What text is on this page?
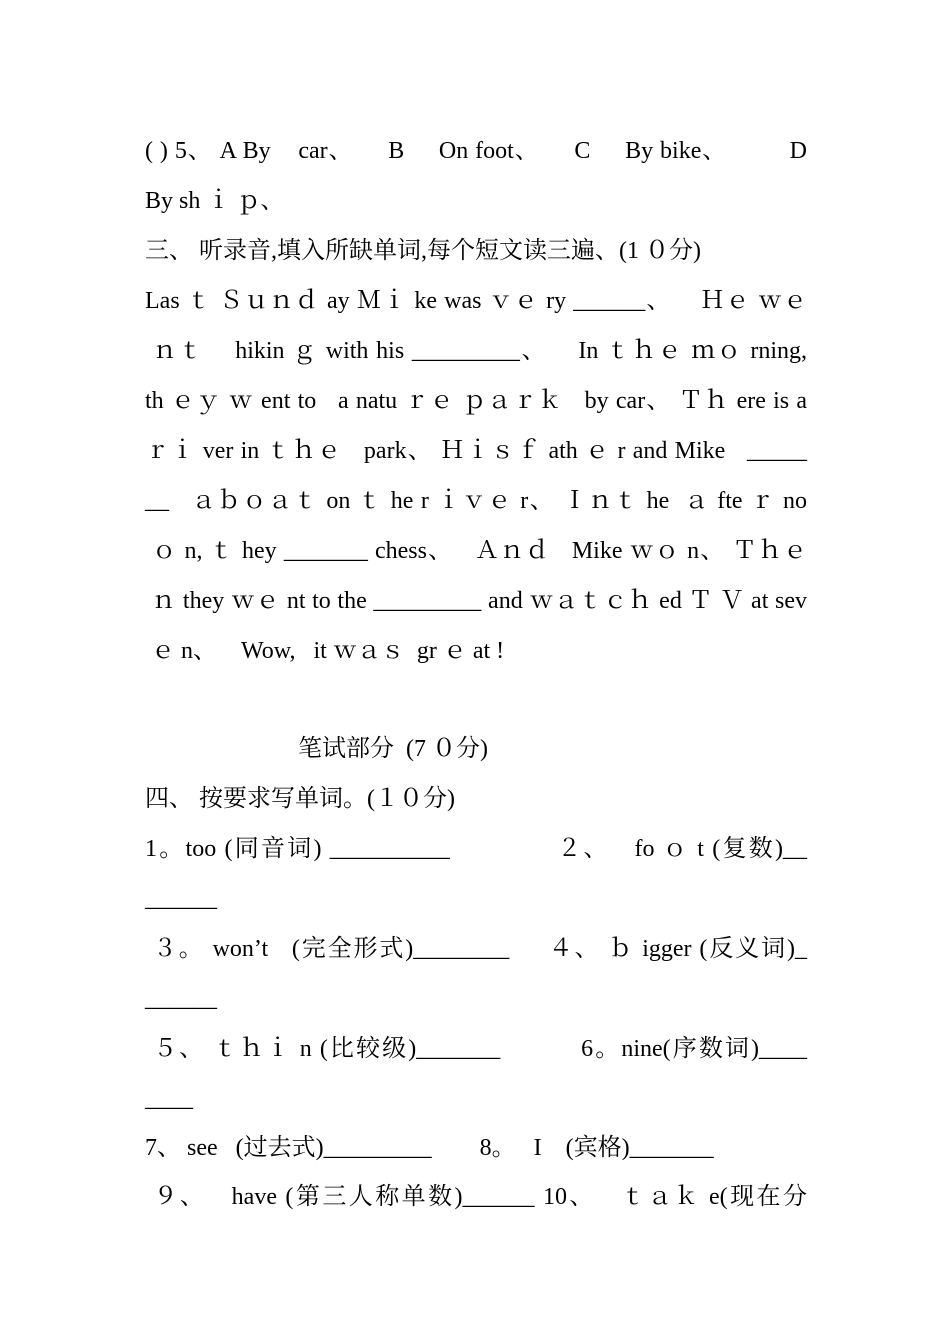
( ) 5、 A By    car、     B     On foot、     C     By bike、         D
By sh ｉ ｐ、
三、 听录音,填入所缺单词,每个短文读三遍、(1 ０分)
Las ｔ Ｓｕｎｄ ay Ｍｉ ke was ｖｅ ry ______、    Ｈｅ ｗｅ
ｎｔ    hikin ｇ with his _________、    In ｔｈｅ ｍｏ rning,
th ｅｙ ｗ ent to   a natu ｒｅ ｐａｒｋ   by car、 Ｔｈ ere is a
ｒｉ ver in ｔｈｅ   park、 Ｈｉｓｆ ath ｅ r and Mike   _____
__   ａｂｏａｔ on ｔ he r ｉｖｅ r、 Ｉｎｔ he  ａ fte ｒ no
ｏ n, ｔ hey _______ chess、   Ａｎｄ   Mike ｗｏ n、 Ｔｈｅ
ｎ they ｗｅ nt to the _________ and ｗａｔｃｈ ed Ｔ Ｖ at sev
ｅ n、    Wow,   it ｗａｓ  gr ｅ at !
笔试部分  (7 ０分)
四、 按要求写单词。(１０分)
1。too (同音词) __________             ２、   fo ｏ t (复数)__
______
３。 won’t   (完全形式)________     ４、 ｂ igger (反义词)_
______
５、 ｔｈｉ n (比较级)_______          6。nine(序数词)____
____
7、 see   (过去式)_________        8。   I    (宾格)_______
９、   have (第三人称单数)______ 10、   ｔａｋ e(现在分
